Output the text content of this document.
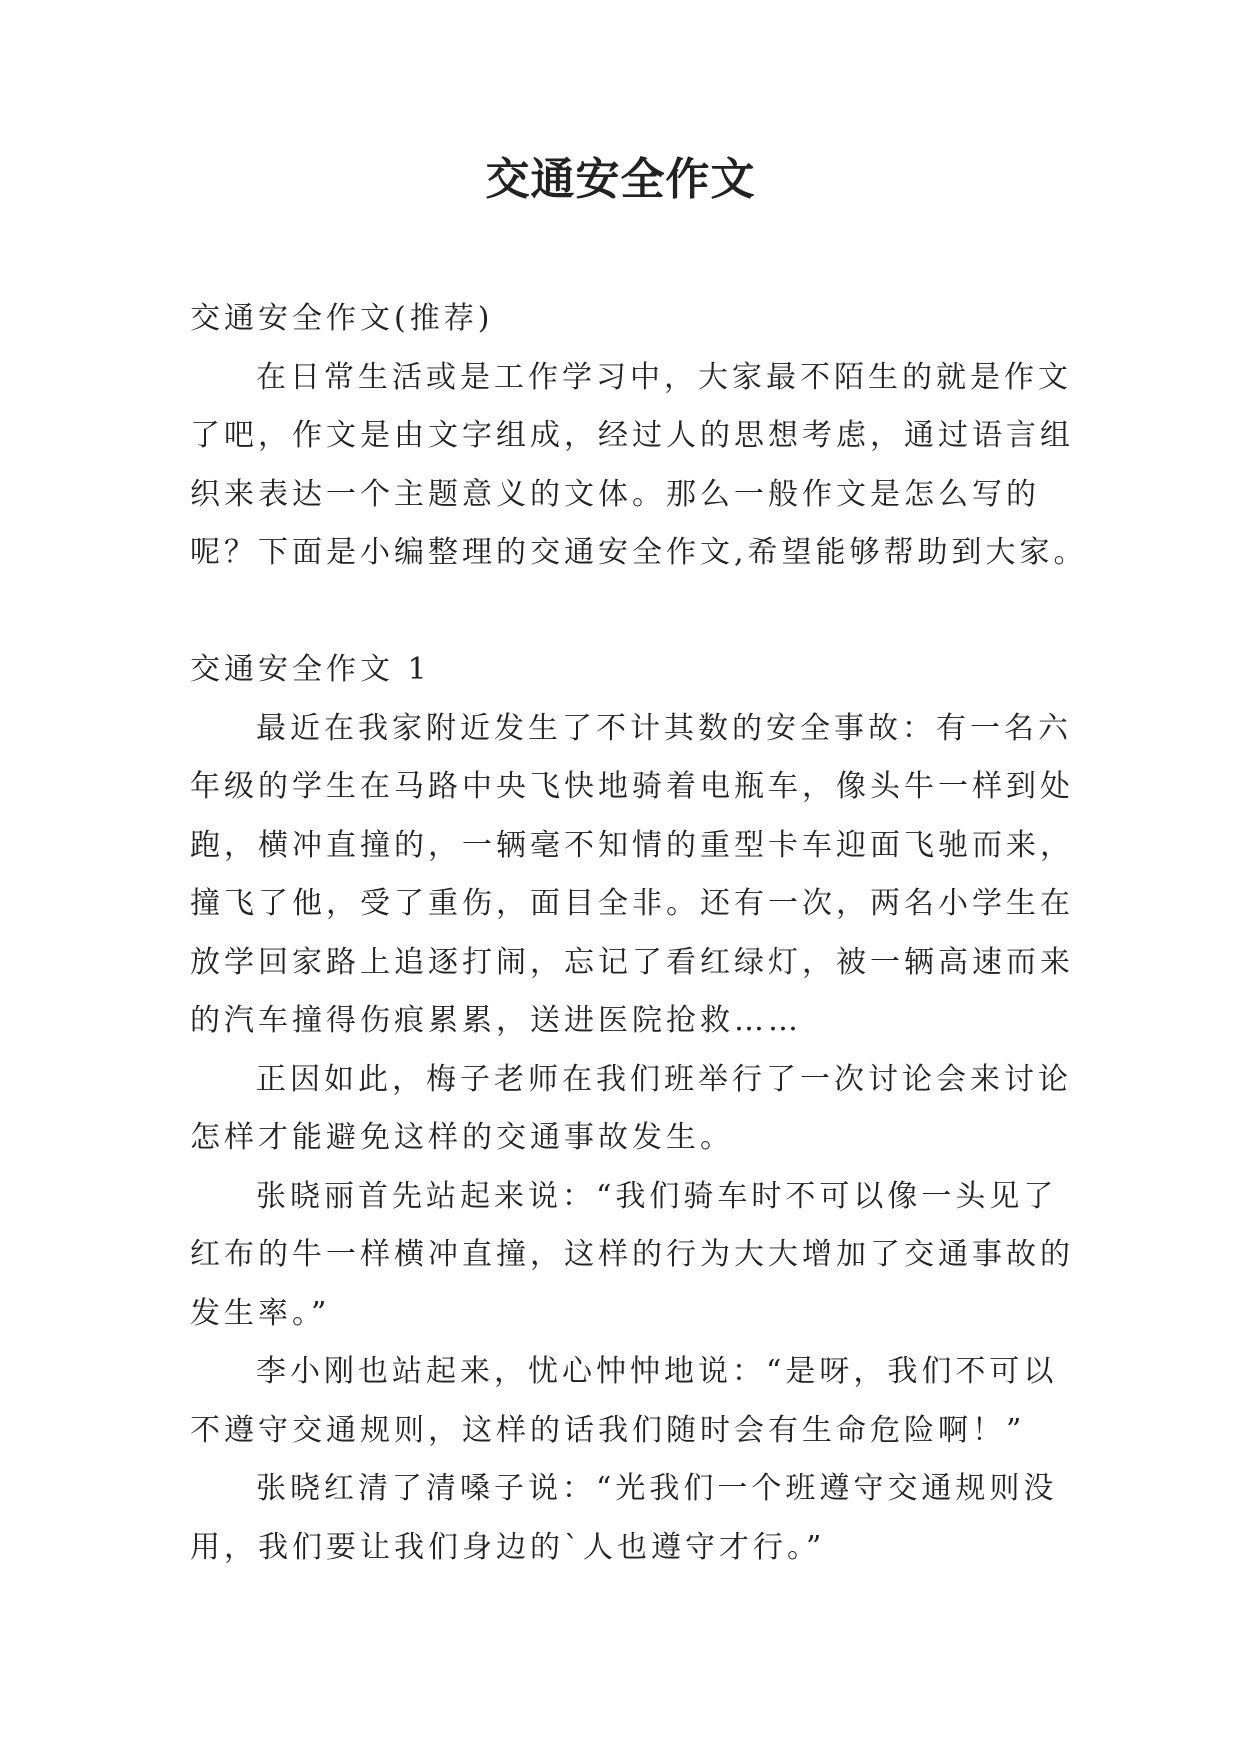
交通安全作文
交通安全作文(推荐)
在日常生活或是工作学习中，大家最不陌生的就是作文
了吧，作文是由文字组成，经过人的思想考虑，通过语言组
织来表达一个主题意义的文体。那么一般作文是怎么写的
呢？下面是小编整理的交通安全作文,希望能够帮助到大家。
交通安全作文 1
最近在我家附近发生了不计其数的安全事故：有一名六
年级的学生在马路中央飞快地骑着电瓶车，像头牛一样到处
跑，横冲直撞的，一辆毫不知情的重型卡车迎面飞驰而来，
撞飞了他，受了重伤，面目全非。还有一次，两名小学生在
放学回家路上追逐打闹，忘记了看红绿灯，被一辆高速而来
的汽车撞得伤痕累累，送进医院抢救……
正因如此，梅子老师在我们班举行了一次讨论会来讨论
怎样才能避免这样的交通事故发生。
张晓丽首先站起来说：“我们骑车时不可以像一头见了
红布的牛一样横冲直撞，这样的行为大大增加了交通事故的
发生率。”
李小刚也站起来，忧心忡忡地说：“是呀，我们不可以
不遵守交通规则，这样的话我们随时会有生命危险啊！”
张晓红清了清嗓子说：“光我们一个班遵守交通规则没
用，我们要让我们身边的`人也遵守才行。”
